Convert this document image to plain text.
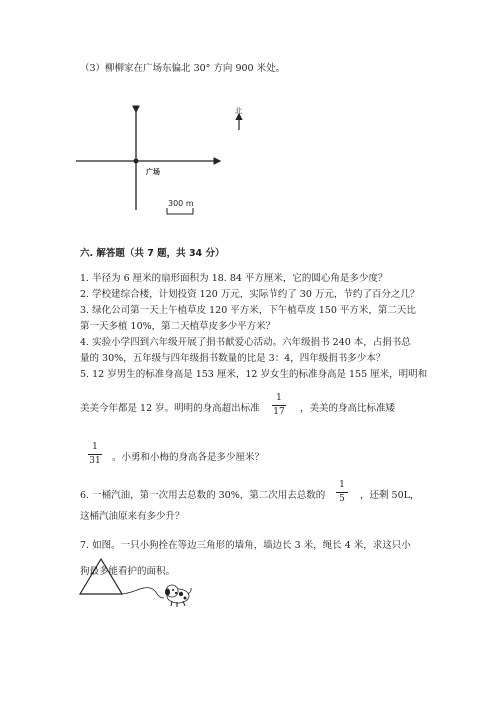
（3）柳柳家在广场东偏北 30° 方向 900 米处。
北
广场
300 m
六. 解答题（共 7 题，共 34 分）
1. 半径为 6 厘米的扇形面积为 18. 84 平方厘米，它的圆心角是多少度？
2. 学校建综合楼，计划投资 120 万元，实际节约了 30 万元，节约了百分之几？
3. 绿化公司第一天上午植草皮 120 平方米，下午植草皮 150 平方米，第二天比
第一天多植 10%，第二天植草皮多少平方米？
4. 实验小学四到六年级开展了捐书献爱心活动。六年级捐书 240 本，占捐书总
量的 30%，五年级与四年级捐书数量的比是 3：4，四年级捐书多少本？
5. 12 岁男生的标准身高是 153 厘米，12 岁女生的标准身高是 155 厘米，明明和
美美今年都是 12 岁。明明的身高超出标准
1
17 ，美美的身高比标准矮
1
31 。小勇和小梅的身高各是多少厘米？
6. 一桶汽油，第一次用去总数的 30%，第二次用去总数的
1
5	，还剩 50L，
这桶汽油原来有多少升？
7. 如图。一只小狗拴在等边三角形的墙角，墙边长 3 米，绳长 4 米，求这只小
狗最多能看护的面积。
